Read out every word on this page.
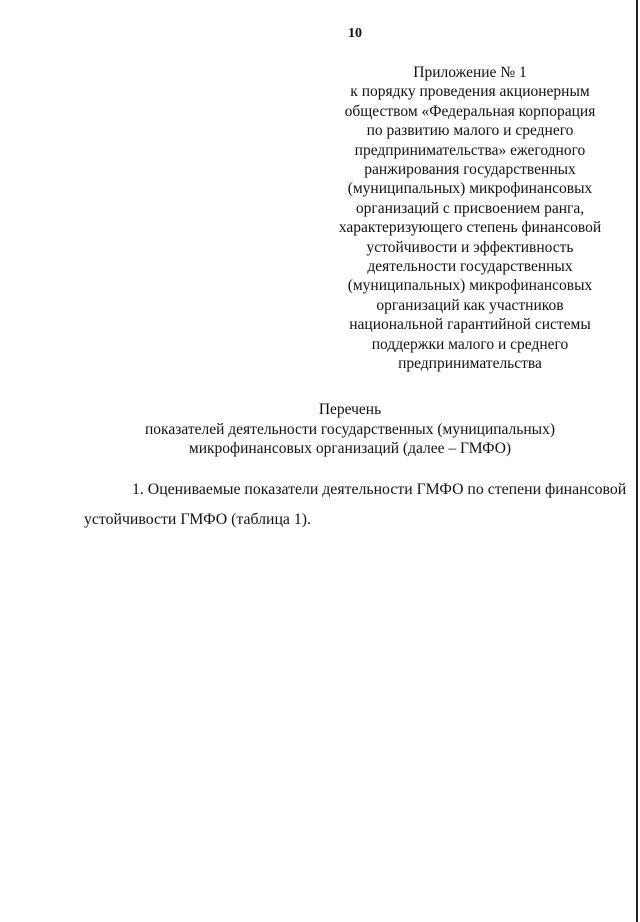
10
Приложение № 1
к порядку проведения акционерным
обществом «Федеральная корпорация
по развитию малого и среднего
предпринимательства» ежегодного
ранжирования государственных
(муниципальных) микрофинансовых
организаций с присвоением ранга,
характеризующего степень финансовой
устойчивости и эффективность
деятельности государственных
(муниципальных) микрофинансовых
организаций как участников
национальной гарантийной системы
поддержки малого и среднего
предпринимательства
Перечень
показателей деятельности государственных (муниципальных)
микрофинансовых организаций (далее – ГМФО)
1. Оцениваемые показатели деятельности ГМФО по степени финансовой
устойчивости ГМФО (таблица 1).
